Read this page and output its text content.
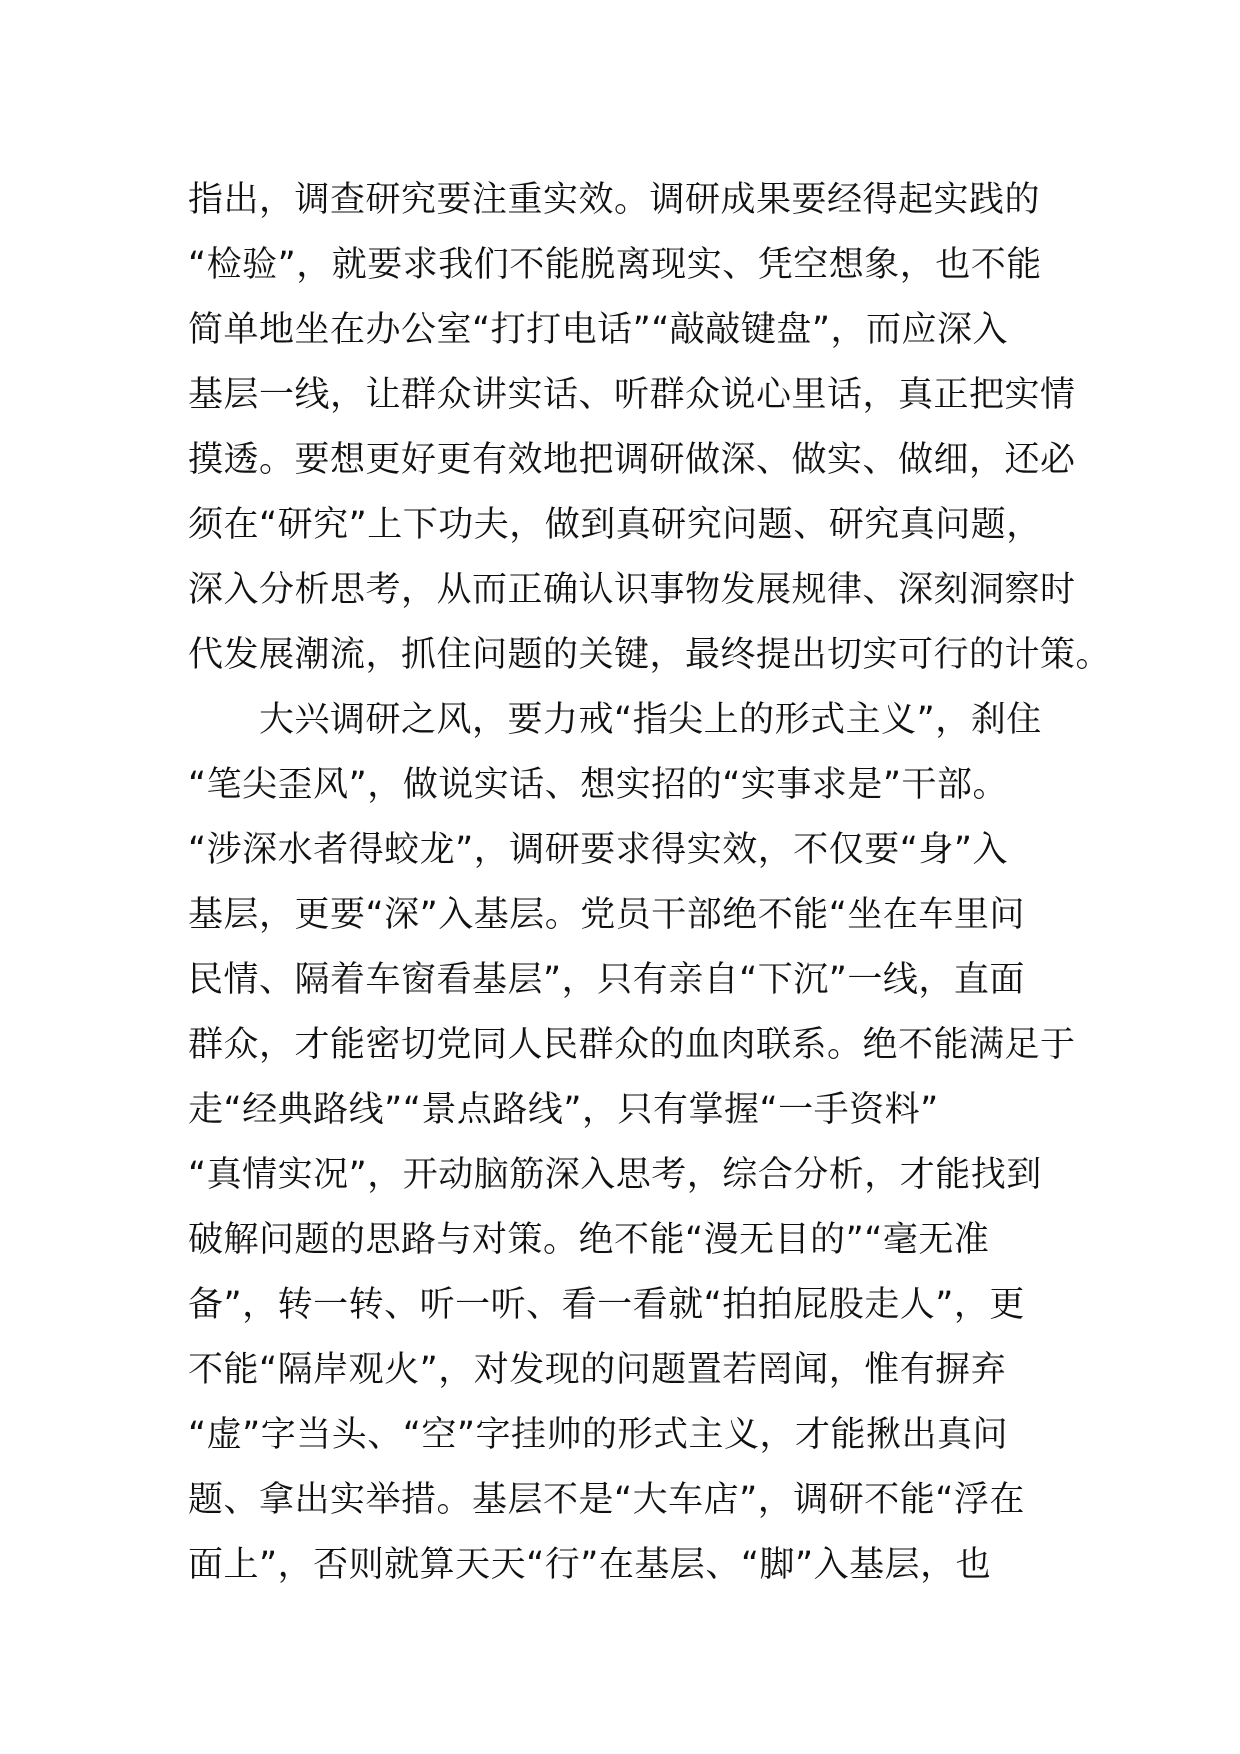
指出，调查研究要注重实效。调研成果要经得起实践的
“检验”，就要求我们不能脱离现实、凭空想象，也不能
简单地坐在办公室“打打电话”“敲敲键盘”，而应深入
基层一线，让群众讲实话、听群众说心里话，真正把实情
摸透。要想更好更有效地把调研做深、做实、做细，还必
须在“研究”上下功夫，做到真研究问题、研究真问题，
深入分析思考，从而正确认识事物发展规律、深刻洞察时
代发展潮流，抓住问题的关键，最终提出切实可行的计策。
　　大兴调研之风，要力戒“指尖上的形式主义”，刹住
“笔尖歪风”，做说实话、想实招的“实事求是”干部。
“涉深水者得蛟龙”，调研要求得实效，不仅要“身”入
基层，更要“深”入基层。党员干部绝不能“坐在车里问
民情、隔着车窗看基层”，只有亲自“下沉”一线，直面
群众，才能密切党同人民群众的血肉联系。绝不能满足于
走“经典路线”“景点路线”，只有掌握“一手资料”
“真情实况”，开动脑筋深入思考，综合分析，才能找到
破解问题的思路与对策。绝不能“漫无目的”“毫无准
备”，转一转、听一听、看一看就“拍拍屁股走人”，更
不能“隔岸观火”，对发现的问题置若罔闻，惟有摒弃
“虚”字当头、“空”字挂帅的形式主义，才能揪出真问
题、拿出实举措。基层不是“大车店”，调研不能“浮在
面上”，否则就算天天“行”在基层、“脚”入基层，也
